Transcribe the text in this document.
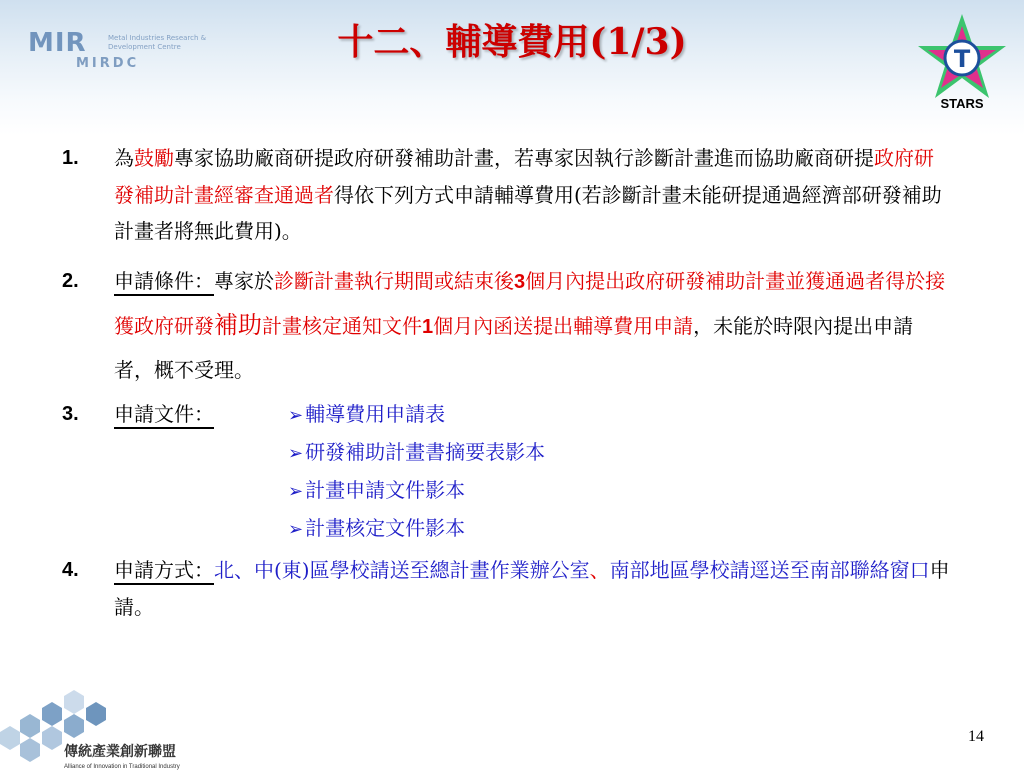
MIR	Metal Industries Research & Development Centre
MIRDC
十二、輔導費用(1/3)	T
STARS
1. 為鼓勵專家協助廠商研提政府研發補助計畫，若專家因執行診斷計畫進而協助廠商研提政府研發補助計畫經審查通過者得依下列方式申請輔導費用(若診斷計畫未能研提通過經濟部研發補助計畫者將無此費用)。
2. 申請條件：專家於診斷計畫執行期間或結束後3個月內提出政府研發補助計畫並獲通過者得於接獲政府研發補助計畫核定通知文件1個月內函送提出輔導費用申請，未能於時限內提出申請者，概不受理。
3. 申請文件：	➢ 輔導費用申請表
➢ 研發補助計畫書摘要表影本
➢ 計畫申請文件影本
➢ 計畫核定文件影本
4. 申請方式：北、中(東)區學校請送至總計畫作業辦公室、南部地區學校請逕送至南部聯絡窗口申請。
傳統產業創新聯盟
Alliance of Innovation in Traditional Industry
14
